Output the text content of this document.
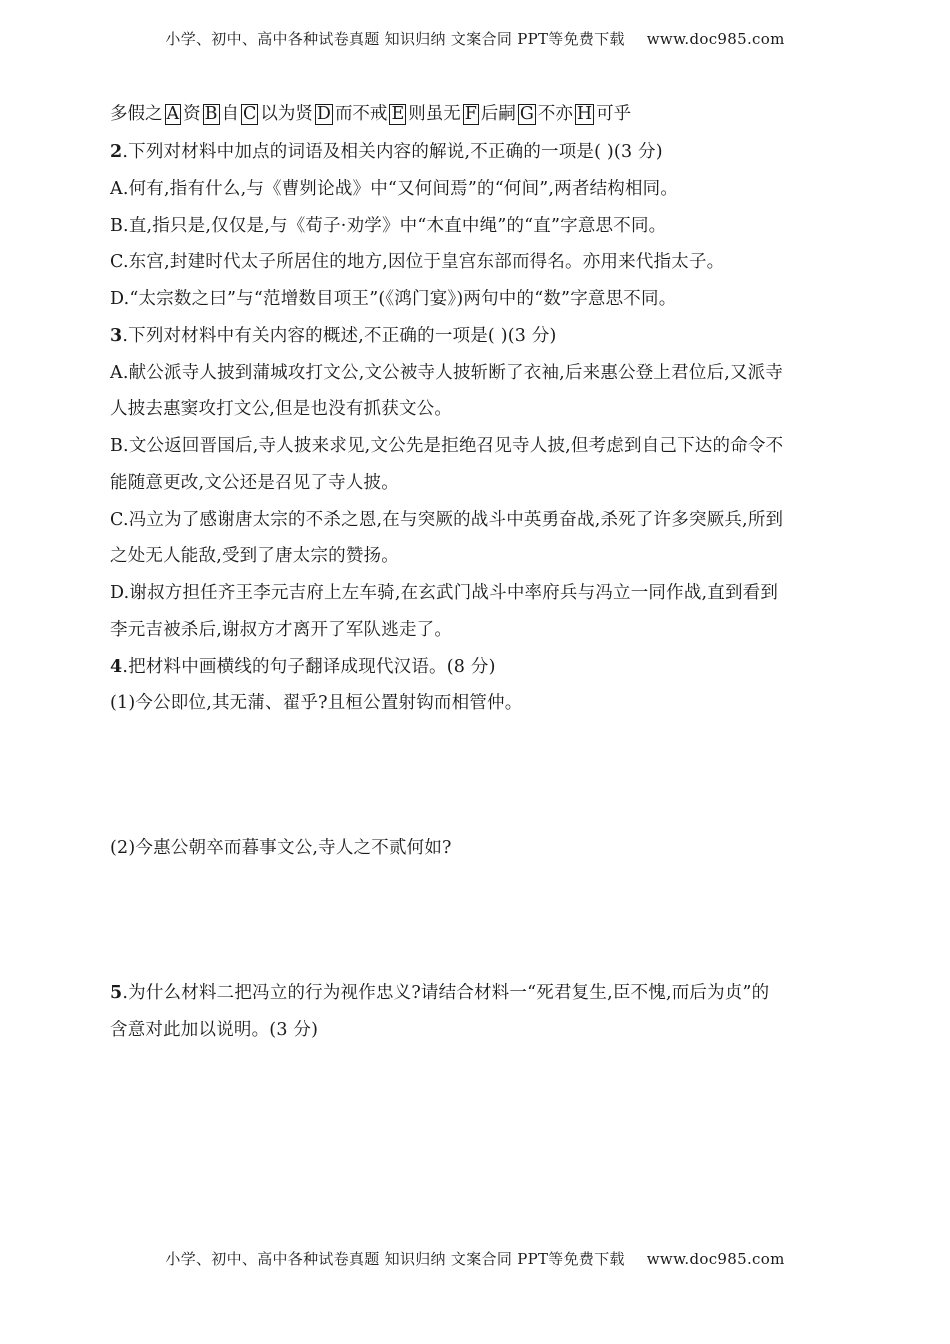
小学、初中、高中各种试卷真题 知识归纳 文案合同 PPT等免费下载 www.doc985.com
多假之 A 资 B 自 C 以为贤 D 而不戒 E 则虽无 F 后嗣 G 不亦 H 可乎
2.下列对材料中加点的词语及相关内容的解说,不正确的一项是( )(3 分)
A.何有,指有什么,与《曹刿论战》中“又何间焉”的“何间”,两者结构相同。
B.直,指只是,仅仅是,与《荀子·劝学》中“木直中绳”的“直”字意思不同。
C.东宫,封建时代太子所居住的地方,因位于皇宫东部而得名。亦用来代指太子。
D.“太宗数之曰”与“范增数目项王”(《鸿门宴》)两句中的“数”字意思不同。
3.下列对材料中有关内容的概述,不正确的一项是( )(3 分)
A.献公派寺人披到蒲城攻打文公,文公被寺人披斩断了衣袖,后来惠公登上君位后,又派寺
人披去惠窦攻打文公,但是也没有抓获文公。
B.文公返回晋国后,寺人披来求见,文公先是拒绝召见寺人披,但考虑到自己下达的命令不
能随意更改,文公还是召见了寺人披。
C.冯立为了感谢唐太宗的不杀之恩,在与突厥的战斗中英勇奋战,杀死了许多突厥兵,所到
之处无人能敌,受到了唐太宗的赞扬。
D.谢叔方担任齐王李元吉府上左车骑,在玄武门战斗中率府兵与冯立一同作战,直到看到
李元吉被杀后,谢叔方才离开了军队逃走了。
4.把材料中画横线的句子翻译成现代汉语。(8 分)
(1)今公即位,其无蒲、翟乎?且桓公置射钩而相管仲。
(2)今惠公朝卒而暮事文公,寺人之不贰何如?
5.为什么材料二把冯立的行为视作忠义?请结合材料一“死君复生,臣不愧,而后为贞”的
含意对此加以说明。(3 分)
小学、初中、高中各种试卷真题 知识归纳 文案合同 PPT等免费下载 www.doc985.com
